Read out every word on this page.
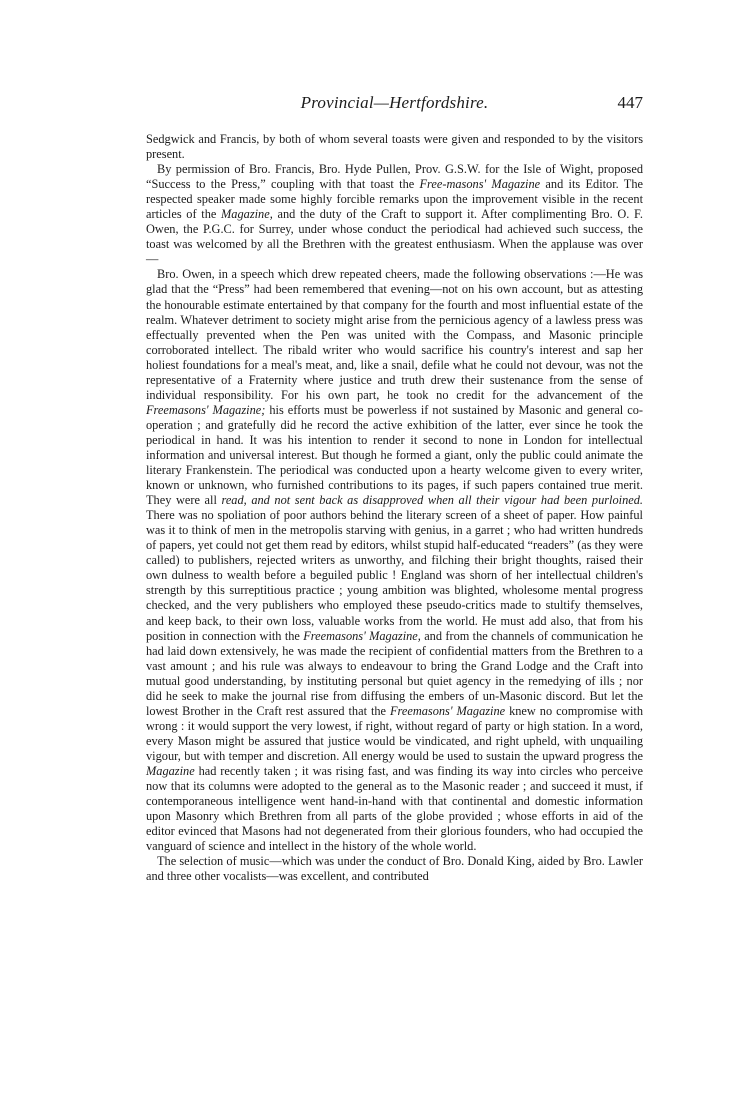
Provincial—Hertfordshire.	447

Sedgwick and Francis, by both of whom several toasts were given and responded to by the visitors present.

By permission of Bro. Francis, Bro. Hyde Pullen, Prov. G.S.W. for the Isle of Wight, proposed “Success to the Press,” coupling with that toast the Free-masons' Magazine and its Editor. The respected speaker made some highly forcible remarks upon the improvement visible in the recent articles of the Magazine, and the duty of the Craft to support it. After complimenting Bro. O. F. Owen, the P.G.C. for Surrey, under whose conduct the periodical had achieved such success, the toast was welcomed by all the Brethren with the greatest enthusiasm. When the applause was over—

Bro. Owen, in a speech which drew repeated cheers, made the following observations :—He was glad that the “Press” had been remembered that evening—not on his own account, but as attesting the honourable estimate entertained by that company for the fourth and most influential estate of the realm. Whatever detriment to society might arise from the pernicious agency of a lawless press was effectually prevented when the Pen was united with the Compass, and Masonic principle corroborated intellect. The ribald writer who would sacrifice his country's interest and sap her holiest foundations for a meal's meat, and, like a snail, defile what he could not devour, was not the representative of a Fraternity where justice and truth drew their sustenance from the sense of individual responsibility. For his own part, he took no credit for the advancement of the Freemasons' Magazine; his efforts must be powerless if not sustained by Masonic and general co-operation ; and gratefully did he record the active exhibition of the latter, ever since he took the periodical in hand. It was his intention to render it second to none in London for intellectual information and universal interest. But though he formed a giant, only the public could animate the literary Frankenstein. The periodical was conducted upon a hearty welcome given to every writer, known or unknown, who furnished contributions to its pages, if such papers contained true merit. They were all read, and not sent back as disapproved when all their vigour had been purloined. There was no spoliation of poor authors behind the literary screen of a sheet of paper. How painful was it to think of men in the metropolis starving with genius, in a garret ; who had written hundreds of papers, yet could not get them read by editors, whilst stupid half-educated “readers” (as they were called) to publishers, rejected writers as unworthy, and filching their bright thoughts, raised their own dulness to wealth before a beguiled public ! England was shorn of her intellectual children's strength by this surreptitious practice ; young ambition was blighted, wholesome mental progress checked, and the very publishers who employed these pseudo-critics made to stultify themselves, and keep back, to their own loss, valuable works from the world. He must add also, that from his position in connection with the Freemasons' Magazine, and from the channels of communication he had laid down extensively, he was made the recipient of confidential matters from the Brethren to a vast amount ; and his rule was always to endeavour to bring the Grand Lodge and the Craft into mutual good understanding, by instituting personal but quiet agency in the remedying of ills ; nor did he seek to make the journal rise from diffusing the embers of un-Masonic discord. But let the lowest Brother in the Craft rest assured that the Freemasons' Magazine knew no compromise with wrong : it would support the very lowest, if right, without regard of party or high station. In a word, every Mason might be assured that justice would be vindicated, and right upheld, with unquailing vigour, but with temper and discretion. All energy would be used to sustain the upward progress the Magazine had recently taken ; it was rising fast, and was finding its way into circles who perceive now that its columns were adopted to the general as to the Masonic reader ; and succeed it must, if contemporaneous intelligence went hand-in-hand with that continental and domestic information upon Masonry which Brethren from all parts of the globe provided ; whose efforts in aid of the editor evinced that Masons had not degenerated from their glorious founders, who had occupied the vanguard of science and intellect in the history of the whole world.

The selection of music—which was under the conduct of Bro. Donald King, aided by Bro. Lawler and three other vocalists—was excellent, and contributed
